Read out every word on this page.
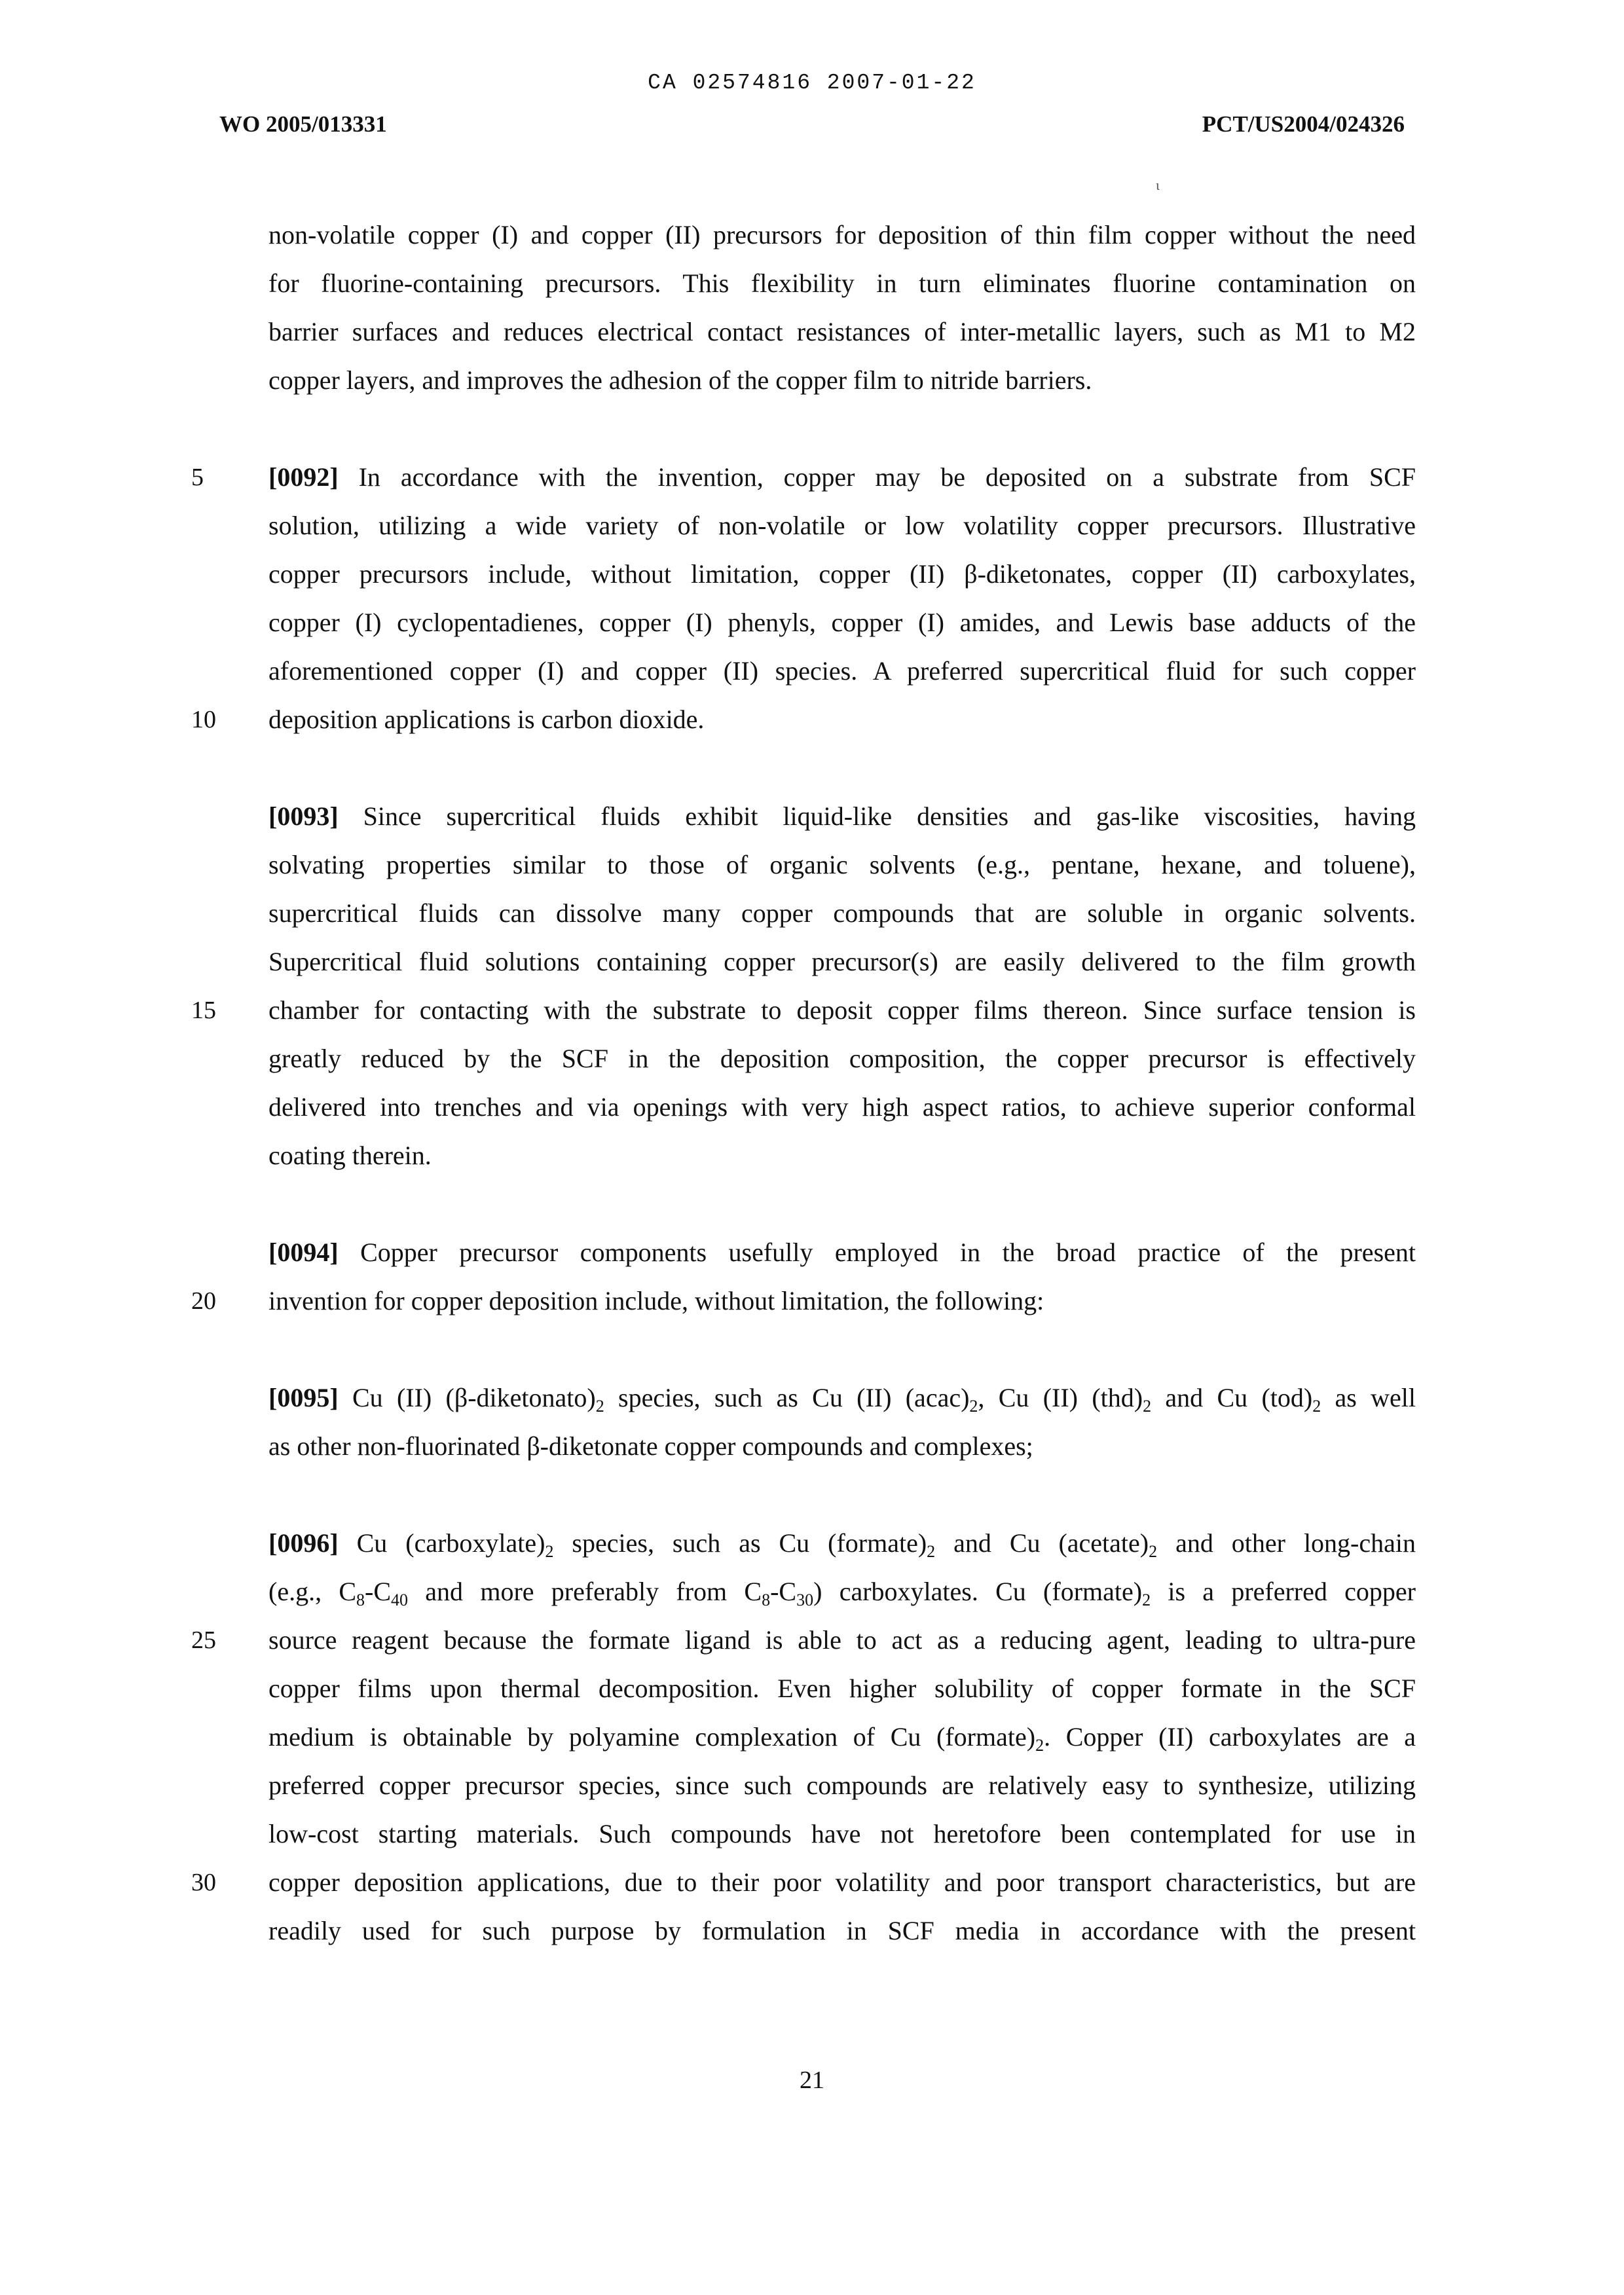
CA 02574816 2007-01-22
WO 2005/013331	PCT/US2004/024326
ι
non-volatile copper (I) and copper (II) precursors for deposition of thin film copper without the need
for fluorine-containing precursors. This flexibility in turn eliminates fluorine contamination on
barrier surfaces and reduces electrical contact resistances of inter-metallic layers, such as M1 to M2
copper layers, and improves the adhesion of the copper film to nitride barriers.
5	[0092] In accordance with the invention, copper may be deposited on a substrate from SCF
solution, utilizing a wide variety of non-volatile or low volatility copper precursors. Illustrative
copper precursors include, without limitation, copper (II) β-diketonates, copper (II) carboxylates,
copper (I) cyclopentadienes, copper (I) phenyls, copper (I) amides, and Lewis base adducts of the
aforementioned copper (I) and copper (II) species. A preferred supercritical fluid for such copper
10	deposition applications is carbon dioxide.
[0093] Since supercritical fluids exhibit liquid-like densities and gas-like viscosities, having
solvating properties similar to those of organic solvents (e.g., pentane, hexane, and toluene),
supercritical fluids can dissolve many copper compounds that are soluble in organic solvents.
Supercritical fluid solutions containing copper precursor(s) are easily delivered to the film growth
15	chamber for contacting with the substrate to deposit copper films thereon. Since surface tension is
greatly reduced by the SCF in the deposition composition, the copper precursor is effectively
delivered into trenches and via openings with very high aspect ratios, to achieve superior conformal
coating therein.
[0094] Copper precursor components usefully employed in the broad practice of the present
20	invention for copper deposition include, without limitation, the following:
[0095] Cu (II) $(\beta-diketonato)_2$ species, such as Cu (II) $(acac)_2$, Cu (II) $(thd)_2$ and Cu $(tod)_2$ as well
as other non-fluorinated β-diketonate copper compounds and complexes;
[0096] Cu $(carboxylate)_2$ species, such as Cu $(formate)_2$ and Cu $(acetate)_2$ and other long-chain
(e.g., $C_8-C_{40}$ and more preferably from $C_8-C_{30}$) carboxylates. Cu $(formate)_2$ is a preferred copper
25	source reagent because the formate ligand is able to act as a reducing agent, leading to ultra-pure
copper films upon thermal decomposition. Even higher solubility of copper formate in the SCF
medium is obtainable by polyamine complexation of Cu $(formate)_2$. Copper (II) carboxylates are a
preferred copper precursor species, since such compounds are relatively easy to synthesize, utilizing
low-cost starting materials. Such compounds have not heretofore been contemplated for use in
30	copper deposition applications, due to their poor volatility and poor transport characteristics, but are
readily used for such purpose by formulation in SCF media in accordance with the present
21
